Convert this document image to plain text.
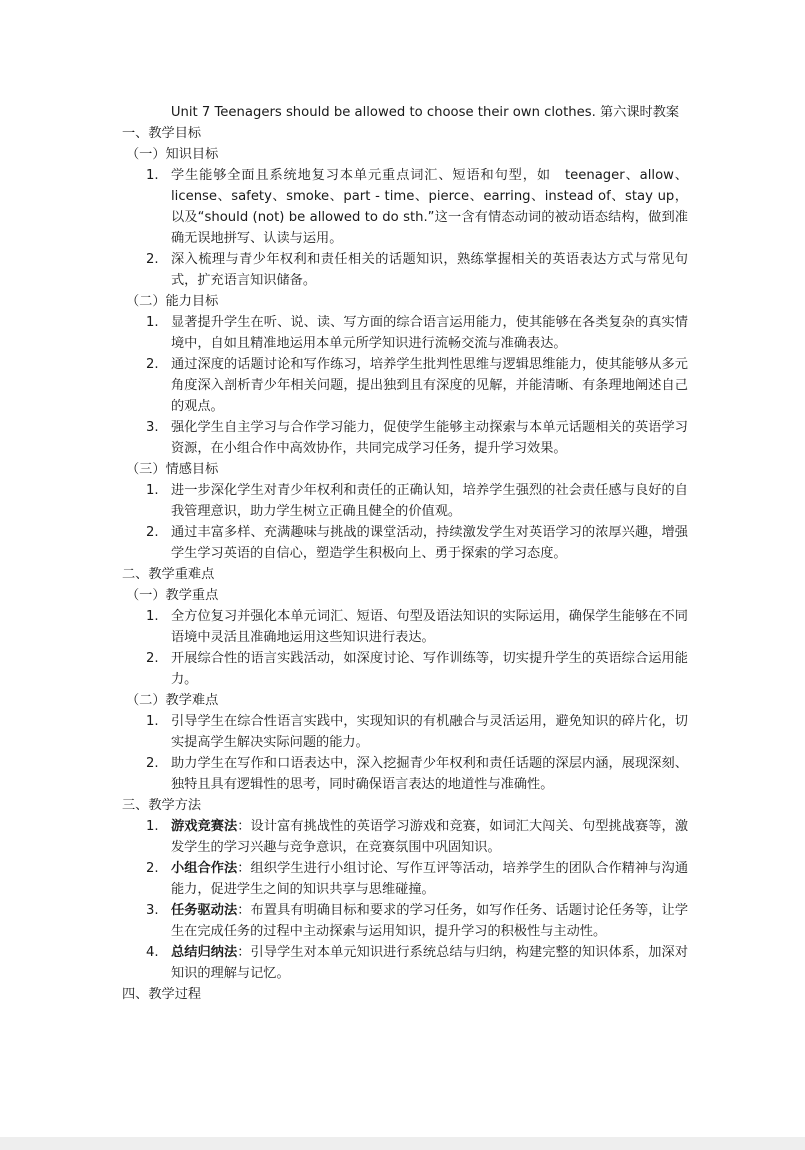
Unit 7 Teenagers should be allowed to choose their own clothes. 第六课时教案
一、教学目标
（一）知识目标
1. 学生能够全面且系统地复习本单元重点词汇、短语和句型，如　teenager、allow、license、safety、smoke、part - time、pierce、earring、instead of、stay up，以及“should (not) be allowed to do sth.”这一含有情态动词的被动语态结构，做到准确无误地拼写、认读与运用。
2. 深入梳理与青少年权利和责任相关的话题知识，熟练掌握相关的英语表达方式与常见句式，扩充语言知识储备。
（二）能力目标
1. 显著提升学生在听、说、读、写方面的综合语言运用能力，使其能够在各类复杂的真实情境中，自如且精准地运用本单元所学知识进行流畅交流与准确表达。
2. 通过深度的话题讨论和写作练习，培养学生批判性思维与逻辑思维能力，使其能够从多元角度深入剖析青少年相关问题，提出独到且有深度的见解，并能清晰、有条理地阐述自己的观点。
3. 强化学生自主学习与合作学习能力，促使学生能够主动探索与本单元话题相关的英语学习资源，在小组合作中高效协作，共同完成学习任务，提升学习效果。
（三）情感目标
1. 进一步深化学生对青少年权利和责任的正确认知，培养学生强烈的社会责任感与良好的自我管理意识，助力学生树立正确且健全的价值观。
2. 通过丰富多样、充满趣味与挑战的课堂活动，持续激发学生对英语学习的浓厚兴趣，增强学生学习英语的自信心，塑造学生积极向上、勇于探索的学习态度。
二、教学重难点
（一）教学重点
1. 全方位复习并强化本单元词汇、短语、句型及语法知识的实际运用，确保学生能够在不同语境中灵活且准确地运用这些知识进行表达。
2. 开展综合性的语言实践活动，如深度讨论、写作训练等，切实提升学生的英语综合运用能力。
（二）教学难点
1. 引导学生在综合性语言实践中，实现知识的有机融合与灵活运用，避免知识的碎片化，切实提高学生解决实际问题的能力。
2. 助力学生在写作和口语表达中，深入挖掘青少年权利和责任话题的深层内涵，展现深刻、独特且具有逻辑性的思考，同时确保语言表达的地道性与准确性。
三、教学方法
1. 游戏竞赛法：设计富有挑战性的英语学习游戏和竞赛，如词汇大闯关、句型挑战赛等，激发学生的学习兴趣与竞争意识，在竞赛氛围中巩固知识。
2. 小组合作法：组织学生进行小组讨论、写作互评等活动，培养学生的团队合作精神与沟通能力，促进学生之间的知识共享与思维碰撞。
3. 任务驱动法：布置具有明确目标和要求的学习任务，如写作任务、话题讨论任务等，让学生在完成任务的过程中主动探索与运用知识，提升学习的积极性与主动性。
4. 总结归纳法：引导学生对本单元知识进行系统总结与归纳，构建完整的知识体系，加深对知识的理解与记忆。
四、教学过程
